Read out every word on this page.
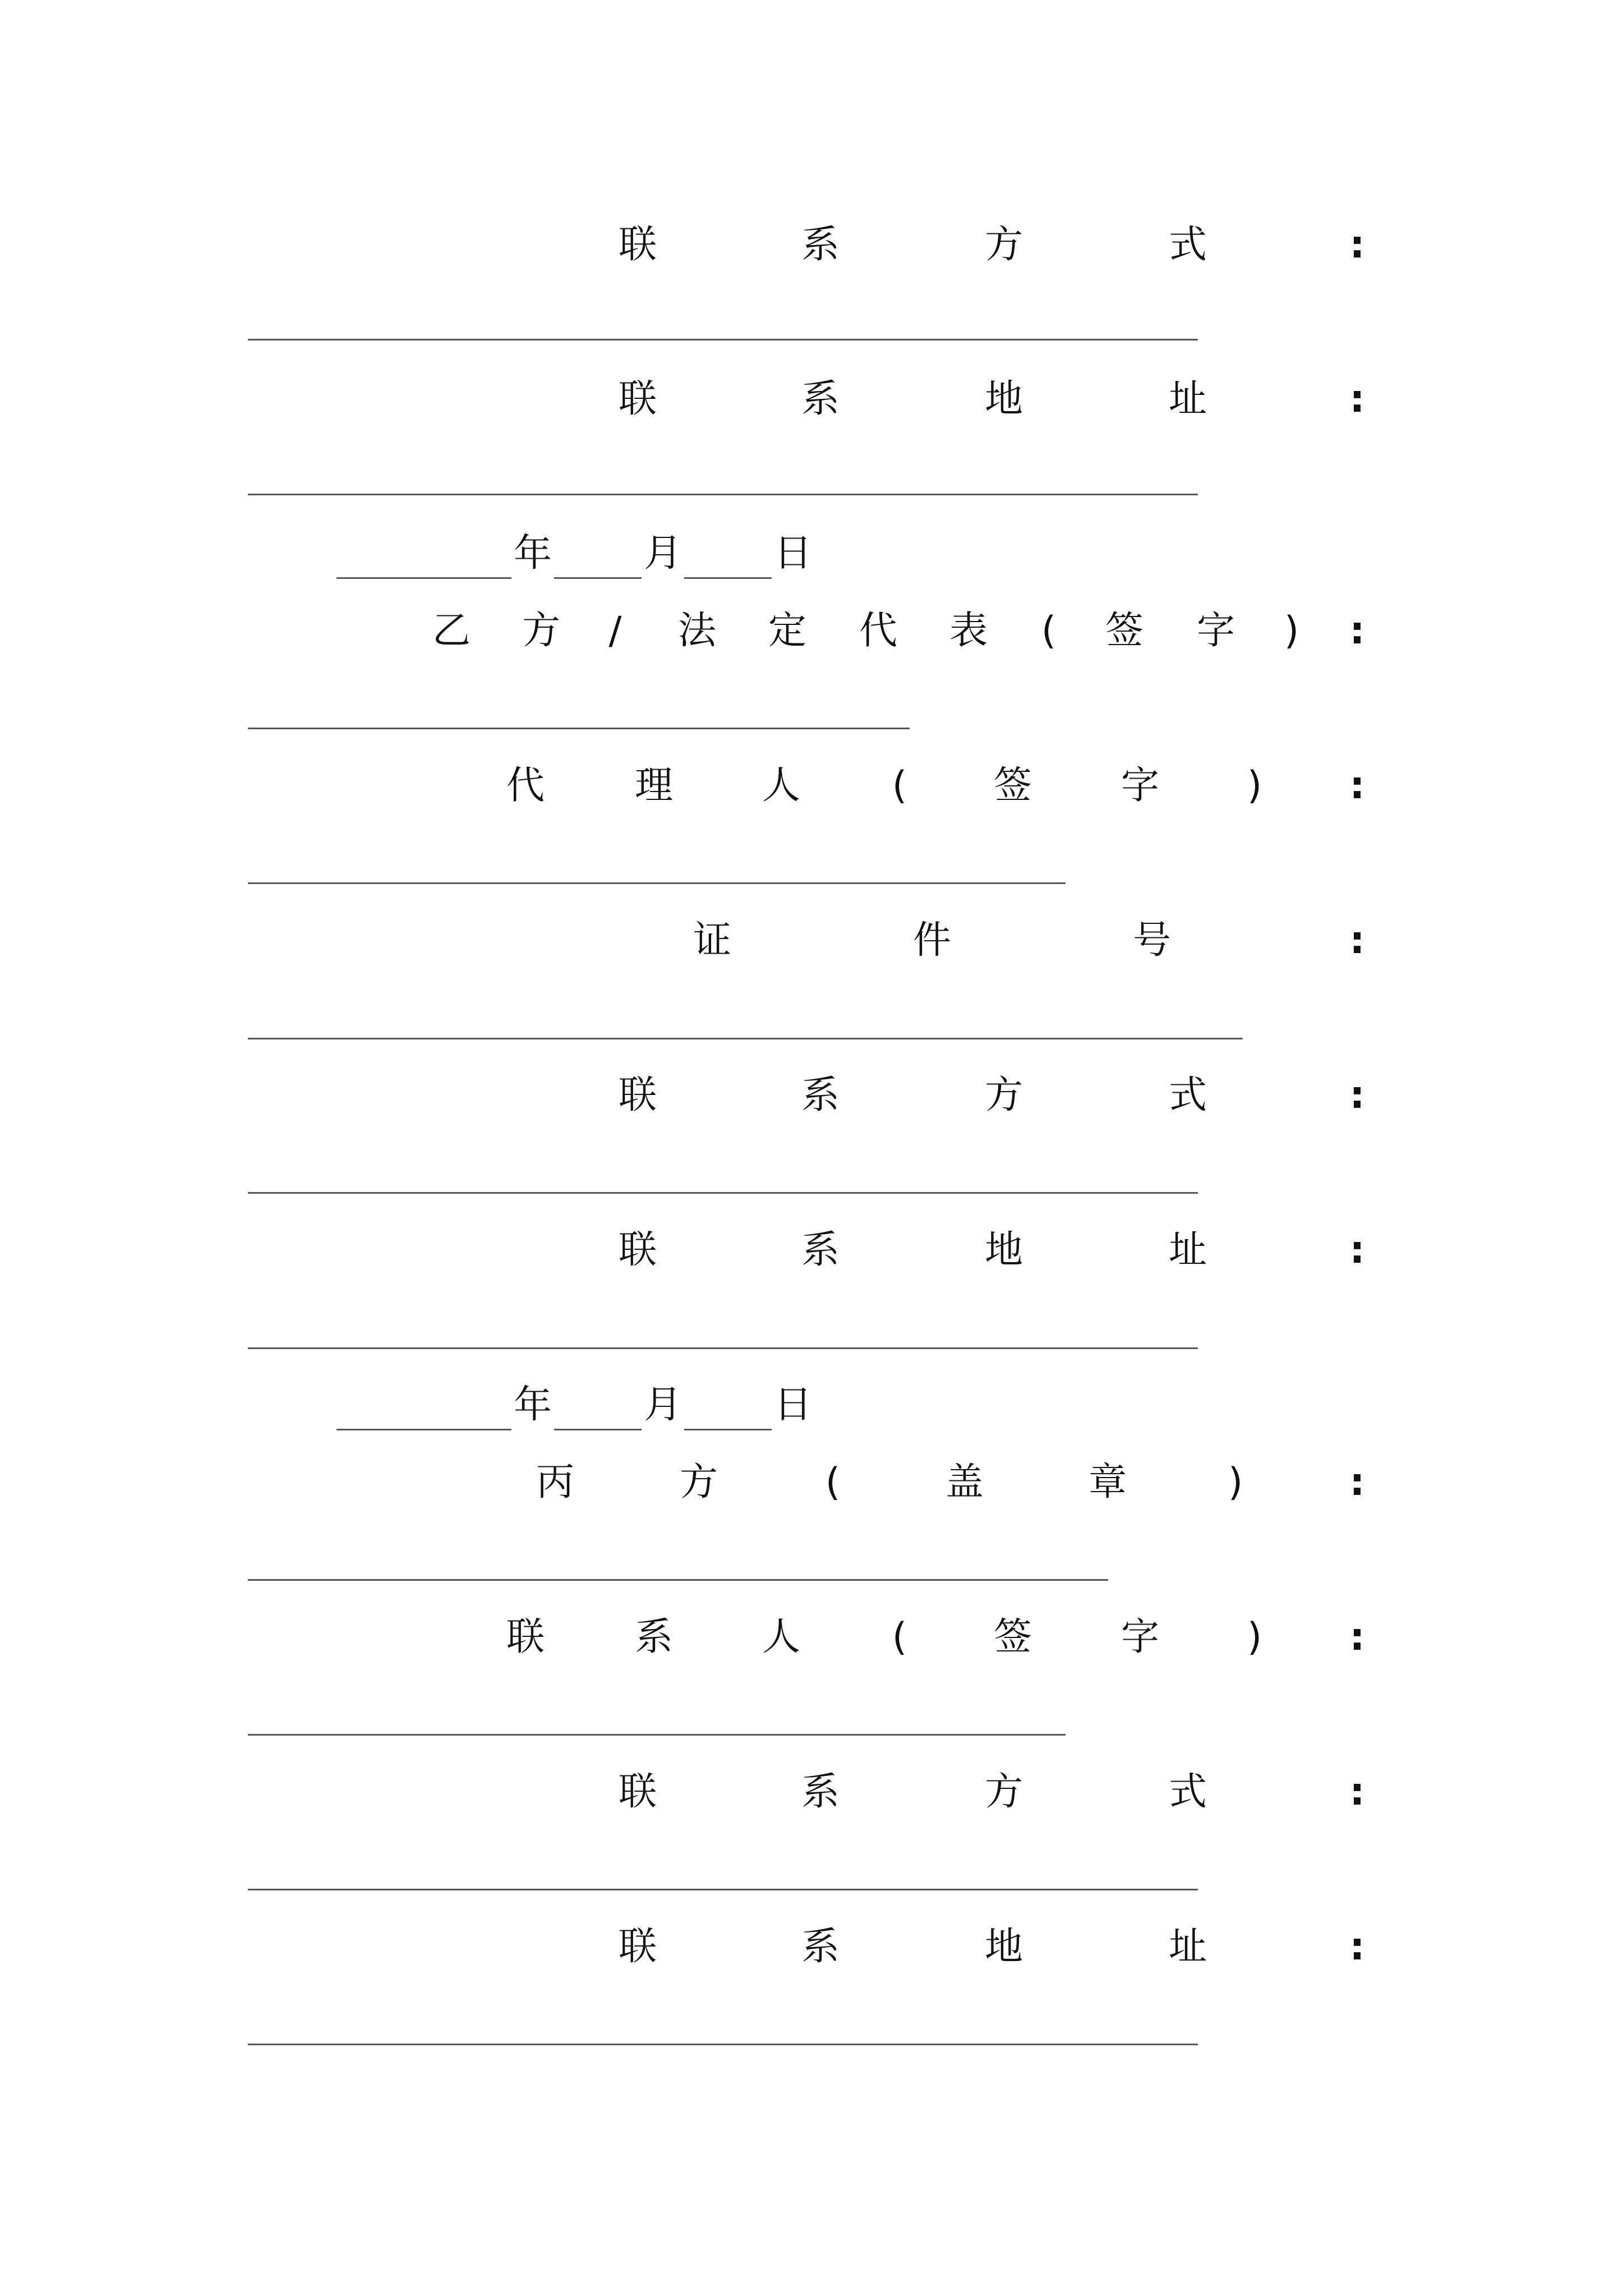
联	系	方	式	:
联	系	地	址	:
年 月 日
乙 方 / 法 定 代 表 ( 签 字 ) :
代 理 人 ( 签 字 ) :
证	件	号	:
联	系	方	式	:
联	系	地	址	:
年 月 日
丙	方	(	盖	章	)	:
联 系 人 ( 签 字 ) :
联	系	方	式	:
联	系	地	址	:
